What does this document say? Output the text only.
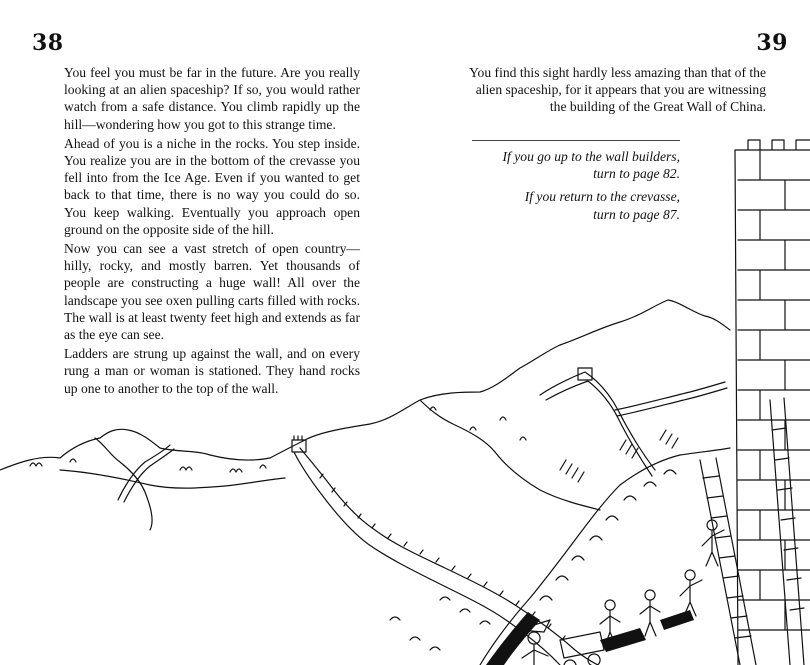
38	39

You feel you must be far in the future. Are you really looking at an alien spaceship? If so, you would rather watch from a safe distance. You climb rapidly up the hill—wondering how you got to this strange time.

Ahead of you is a niche in the rocks. You step inside. You realize you are in the bottom of the crevasse you fell into from the Ice Age. Even if you wanted to get back to that time, there is no way you could do so. You keep walking. Eventually you approach open ground on the opposite side of the hill.

Now you can see a vast stretch of open country—hilly, rocky, and mostly barren. Yet thousands of people are constructing a huge wall! All over the landscape you see oxen pulling carts filled with rocks. The wall is at least twenty feet high and extends as far as the eye can see.

Ladders are strung up against the wall, and on every rung a man or woman is stationed. They hand rocks up one to another to the top of the wall.

You find this sight hardly less amazing than that of the alien spaceship, for it appears that you are witnessing the building of the Great Wall of China.

If you go up to the wall builders,
turn to page 82.

If you return to the crevasse,
turn to page 87.
